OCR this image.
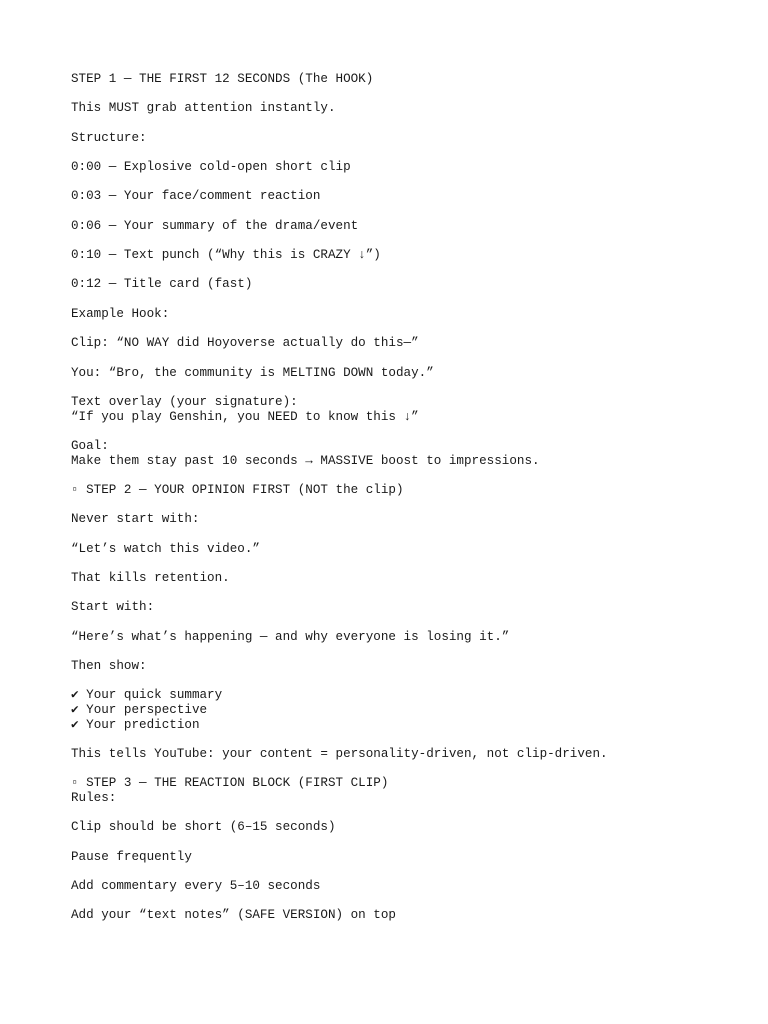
STEP 1 — THE FIRST 12 SECONDS (The HOOK)

This MUST grab attention instantly.

Structure:

0:00 — Explosive cold-open short clip

0:03 — Your face/comment reaction

0:06 — Your summary of the drama/event

0:10 — Text punch (“Why this is CRAZY ↓”)

0:12 — Title card (fast)

Example Hook:

Clip: “NO WAY did Hoyoverse actually do this—”

You: “Bro, the community is MELTING DOWN today.”

Text overlay (your signature):

“If you play Genshin, you NEED to know this ↓”

Goal:

Make them stay past 10 seconds → MASSIVE boost to impressions.

▫ STEP 2 — YOUR OPINION FIRST (NOT the clip)

Never start with:

“Let’s watch this video.”

That kills retention.

Start with:

“Here’s what’s happening — and why everyone is losing it.”

Then show:

✔ Your quick summary

✔ Your perspective

✔ Your prediction

This tells YouTube: your content = personality-driven, not clip-driven.

▫ STEP 3 — THE REACTION BLOCK (FIRST CLIP)

Rules:

Clip should be short (6–15 seconds)

Pause frequently

Add commentary every 5–10 seconds

Add your “text notes” (SAFE VERSION) on top
